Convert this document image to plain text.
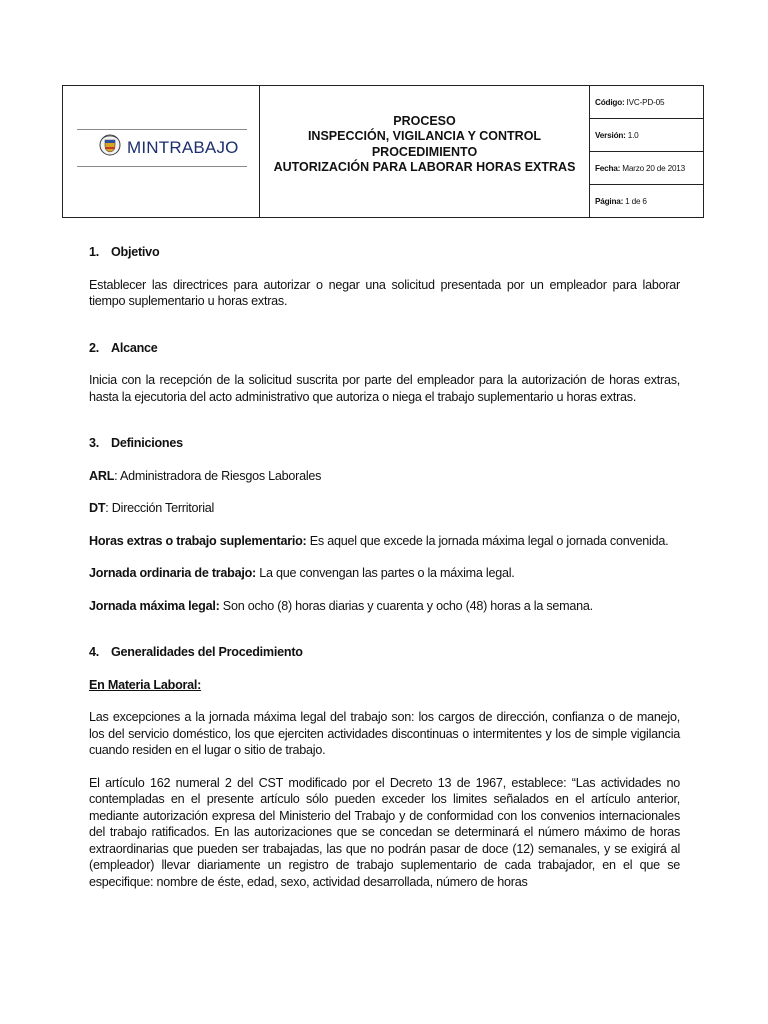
MINTRABAJO
PROCESO
INSPECCIÓN, VIGILANCIA Y CONTROL
PROCEDIMIENTO
AUTORIZACIÓN PARA LABORAR HORAS EXTRAS
Código: IVC-PD-05
Versión: 1.0
Fecha: Marzo 20 de 2013
Página: 1 de 6
1. Objetivo

Establecer las directrices para autorizar o negar una solicitud presentada por un empleador para laborar tiempo suplementario u horas extras.

2. Alcance

Inicia con la recepción de la solicitud suscrita por parte del empleador para la autorización de horas extras, hasta la ejecutoria del acto administrativo que autoriza o niega el trabajo suplementario u horas extras.

3. Definiciones

ARL: Administradora de Riesgos Laborales

DT: Dirección Territorial

Horas extras o trabajo suplementario: Es aquel que excede la jornada máxima legal o jornada convenida.

Jornada ordinaria de trabajo: La que convengan las partes o la máxima legal.

Jornada máxima legal: Son ocho (8) horas diarias y cuarenta y ocho (48) horas a la semana.

4. Generalidades del Procedimiento

En Materia Laboral:

Las excepciones a la jornada máxima legal del trabajo son: los cargos de dirección, confianza o de manejo, los del servicio doméstico, los que ejerciten actividades discontinuas o intermitentes y los de simple vigilancia cuando residen en el lugar o sitio de trabajo.

El artículo 162 numeral 2 del CST modificado por el Decreto 13 de 1967, establece: “Las actividades no contempladas en el presente artículo sólo pueden exceder los limites señalados en el artículo anterior, mediante autorización expresa del Ministerio del Trabajo y de conformidad con los convenios internacionales del trabajo ratificados. En las autorizaciones que se concedan se determinará el número máximo de horas extraordinarias que pueden ser trabajadas, las que no podrán pasar de doce (12) semanales, y se exigirá al (empleador) llevar diariamente un registro de trabajo suplementario de cada trabajador, en el que se especifique: nombre de éste, edad, sexo, actividad desarrollada, número de horas
